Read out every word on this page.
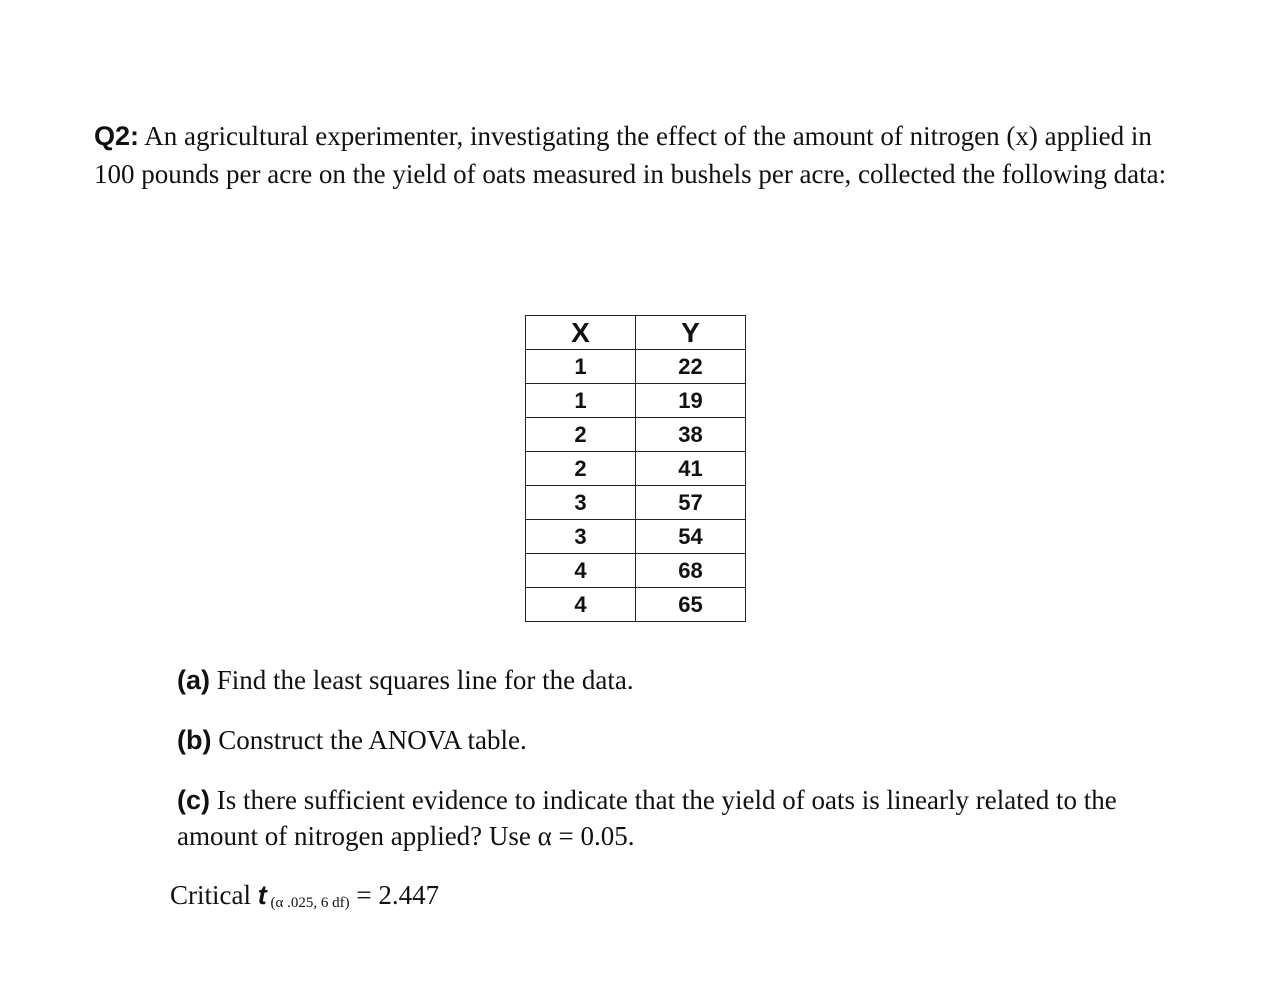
Q2: An agricultural experimenter, investigating the effect of the amount of nitrogen (x) applied in 100 pounds per acre on the yield of oats measured in bushels per acre, collected the following data:

X	Y
1	22
1	19
2	38
2	41
3	57
3	54
4	68
4	65

(a) Find the least squares line for the data.

(b) Construct the ANOVA table.

(c) Is there sufficient evidence to indicate that the yield of oats is linearly related to the amount of nitrogen applied? Use α = 0.05.

Critical t $_{(\alpha .025, 6 df)}$ = 2.447
